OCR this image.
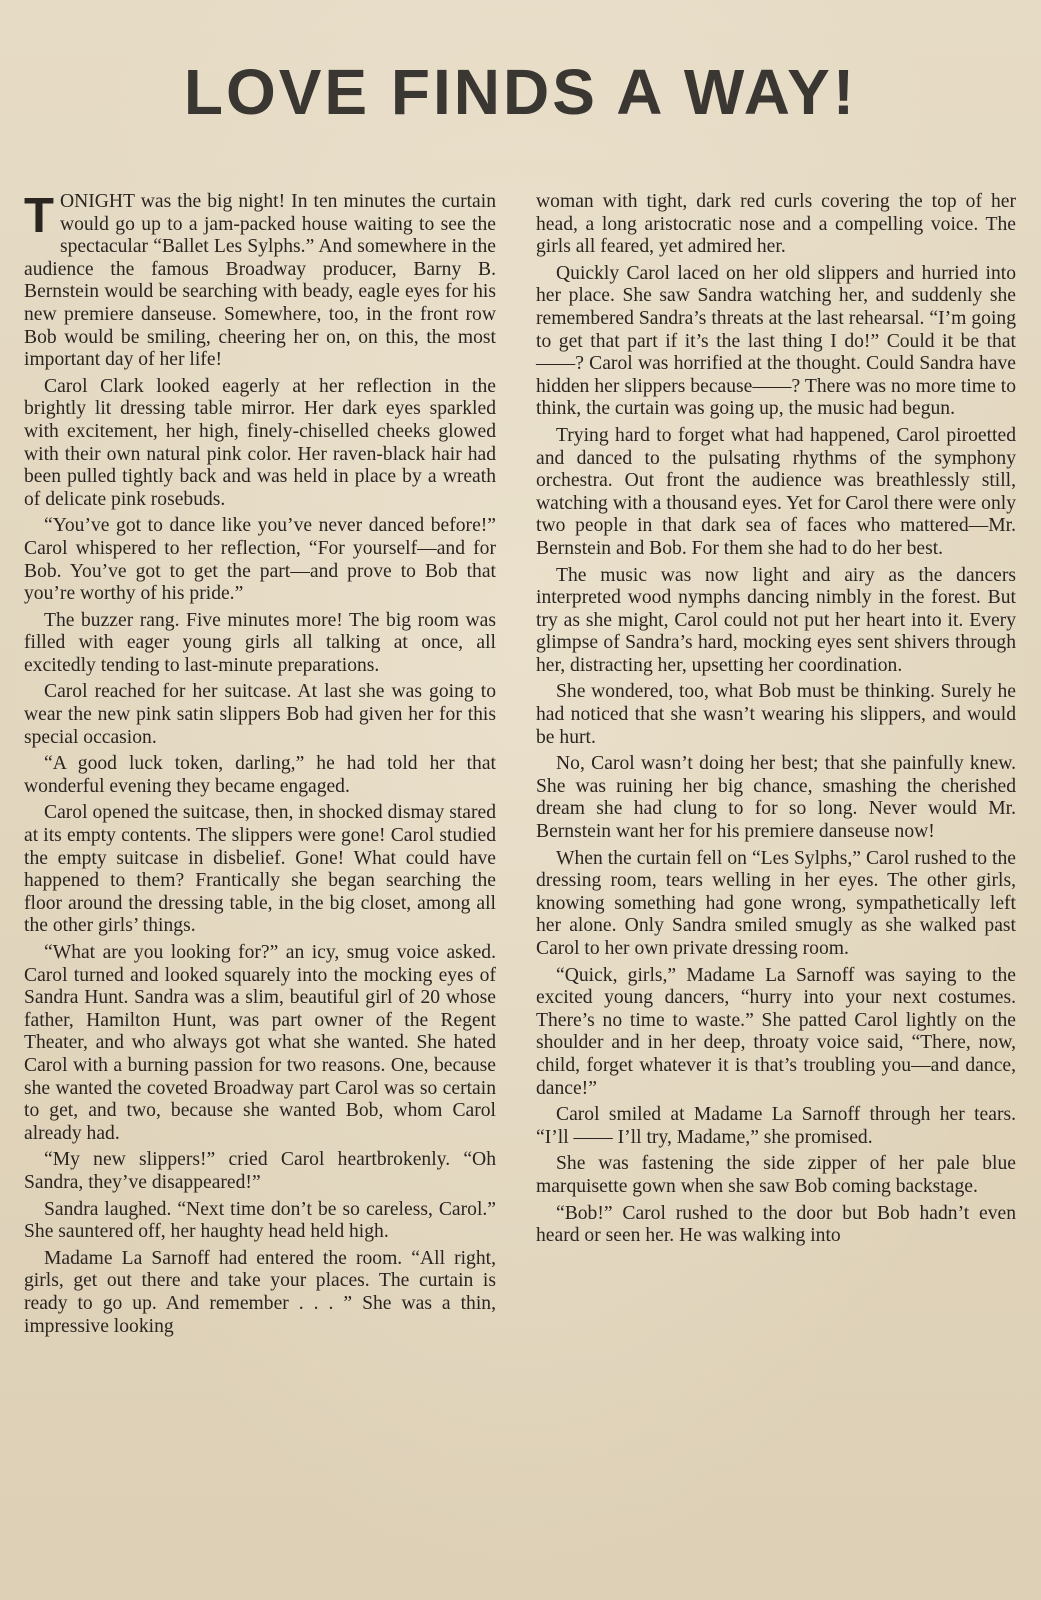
LOVE FINDS A WAY!

TONIGHT was the big night! In ten minutes the curtain would go up to a jam-packed house waiting to see the spectacular “Ballet Les Sylphs.” And somewhere in the audience the famous Broadway producer, Barny B. Bernstein would be searching with beady, eagle eyes for his new premiere danseuse. Somewhere, too, in the front row Bob would be smiling, cheering her on, on this, the most important day of her life!

Carol Clark looked eagerly at her reflection in the brightly lit dressing table mirror. Her dark eyes sparkled with excitement, her high, finely-chiselled cheeks glowed with their own natural pink color. Her raven-black hair had been pulled tightly back and was held in place by a wreath of delicate pink rosebuds.

“You’ve got to dance like you’ve never danced before!” Carol whispered to her reflection, “For yourself—and for Bob. You’ve got to get the part—and prove to Bob that you’re worthy of his pride.”

The buzzer rang. Five minutes more! The big room was filled with eager young girls all talking at once, all excitedly tending to last-minute preparations.

Carol reached for her suitcase. At last she was going to wear the new pink satin slippers Bob had given her for this special occasion.

“A good luck token, darling,” he had told her that wonderful evening they became engaged.

Carol opened the suitcase, then, in shocked dismay stared at its empty contents. The slippers were gone! Carol studied the empty suitcase in disbelief. Gone! What could have happened to them? Frantically she began searching the floor around the dressing table, in the big closet, among all the other girls’ things.

“What are you looking for?” an icy, smug voice asked. Carol turned and looked squarely into the mocking eyes of Sandra Hunt. Sandra was a slim, beautiful girl of 20 whose father, Hamilton Hunt, was part owner of the Regent Theater, and who always got what she wanted. She hated Carol with a burning passion for two reasons. One, because she wanted the coveted Broadway part Carol was so certain to get, and two, because she wanted Bob, whom Carol already had.

“My new slippers!” cried Carol heartbrokenly. “Oh Sandra, they’ve disappeared!”

Sandra laughed. “Next time don’t be so careless, Carol.” She sauntered off, her haughty head held high.

Madame La Sarnoff had entered the room. “All right, girls, get out there and take your places. The curtain is ready to go up. And remember . . . ” She was a thin, impressive looking

woman with tight, dark red curls covering the top of her head, a long aristocratic nose and a compelling voice. The girls all feared, yet admired her.

Quickly Carol laced on her old slippers and hurried into her place. She saw Sandra watching her, and suddenly she remembered Sandra’s threats at the last rehearsal. “I’m going to get that part if it’s the last thing I do!” Could it be that——? Carol was horrified at the thought. Could Sandra have hidden her slippers because——? There was no more time to think, the curtain was going up, the music had begun.

Trying hard to forget what had happened, Carol piroetted and danced to the pulsating rhythms of the symphony orchestra. Out front the audience was breathlessly still, watching with a thousand eyes. Yet for Carol there were only two people in that dark sea of faces who mattered—Mr. Bernstein and Bob. For them she had to do her best.

The music was now light and airy as the dancers interpreted wood nymphs dancing nimbly in the forest. But try as she might, Carol could not put her heart into it. Every glimpse of Sandra’s hard, mocking eyes sent shivers through her, distracting her, upsetting her coordination.

She wondered, too, what Bob must be thinking. Surely he had noticed that she wasn’t wearing his slippers, and would be hurt.

No, Carol wasn’t doing her best; that she painfully knew. She was ruining her big chance, smashing the cherished dream she had clung to for so long. Never would Mr. Bernstein want her for his premiere danseuse now!

When the curtain fell on “Les Sylphs,” Carol rushed to the dressing room, tears welling in her eyes. The other girls, knowing something had gone wrong, sympathetically left her alone. Only Sandra smiled smugly as she walked past Carol to her own private dressing room.

“Quick, girls,” Madame La Sarnoff was saying to the excited young dancers, “hurry into your next costumes. There’s no time to waste.” She patted Carol lightly on the shoulder and in her deep, throaty voice said, “There, now, child, forget whatever it is that’s troubling you—and dance, dance!”

Carol smiled at Madame La Sarnoff through her tears. “I’ll —— I’ll try, Madame,” she promised.

She was fastening the side zipper of her pale blue marquisette gown when she saw Bob coming backstage.

“Bob!” Carol rushed to the door but Bob hadn’t even heard or seen her. He was walking into
